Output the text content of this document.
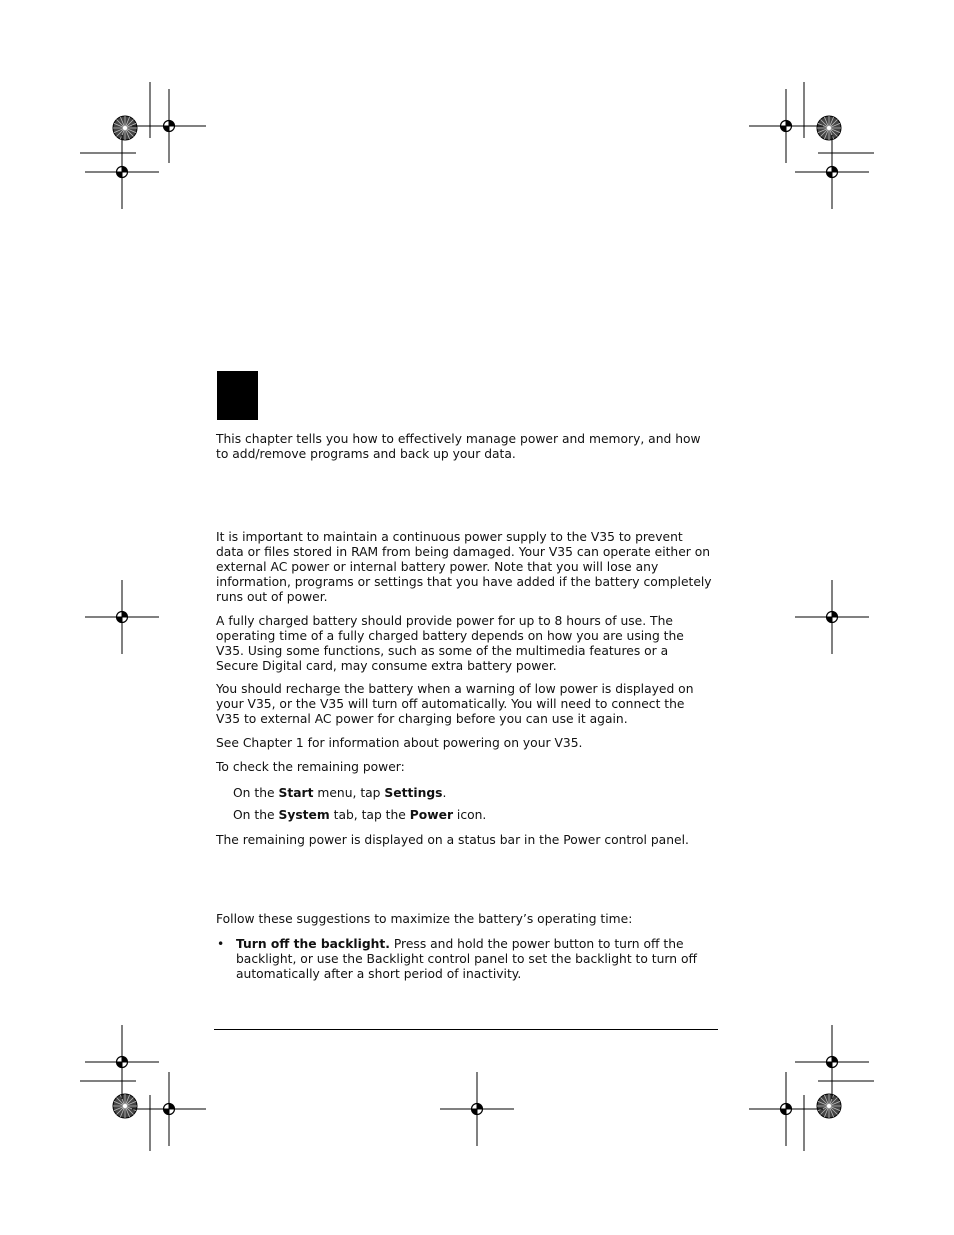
This chapter tells you how to effectively manage power and memory, and how
to add/remove programs and back up your data.

It is important to maintain a continuous power supply to the V35 to prevent
data or files stored in RAM from being damaged. Your V35 can operate either on
external AC power or internal battery power. Note that you will lose any
information, programs or settings that you have added if the battery completely
runs out of power.

A fully charged battery should provide power for up to 8 hours of use. The
operating time of a fully charged battery depends on how you are using the
V35. Using some functions, such as some of the multimedia features or a
Secure Digital card, may consume extra battery power.

You should recharge the battery when a warning of low power is displayed on
your V35, or the V35 will turn off automatically. You will need to connect the
V35 to external AC power for charging before you can use it again.

See Chapter 1 for information about powering on your V35.

To check the remaining power:

On the Start menu, tap Settings.

On the System tab, tap the Power icon.

The remaining power is displayed on a status bar in the Power control panel.

Follow these suggestions to maximize the battery’s operating time:

• Turn off the backlight. Press and hold the power button to turn off the
backlight, or use the Backlight control panel to set the backlight to turn off
automatically after a short period of inactivity.
